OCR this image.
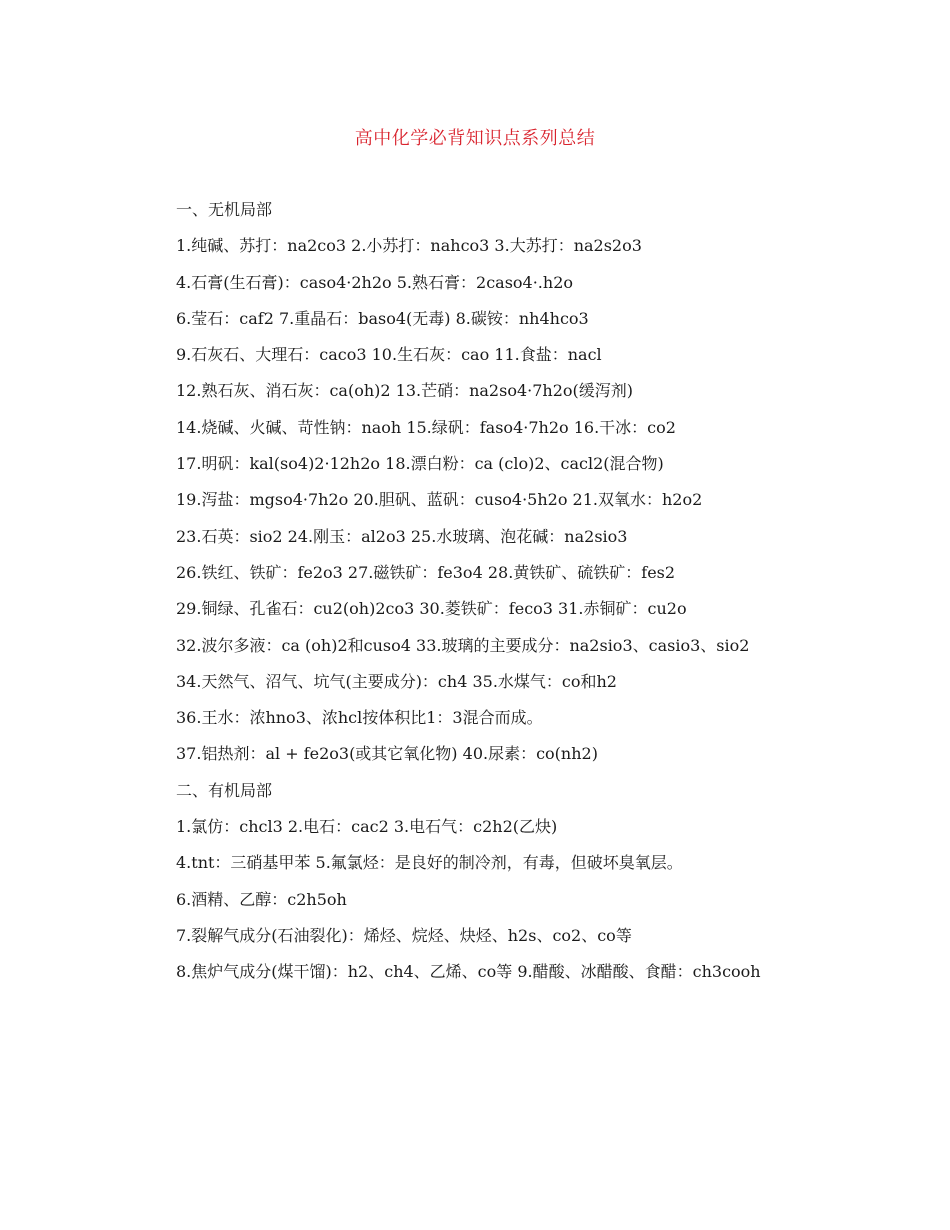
高中化学必背知识点系列总结
一、无机局部
1.纯碱、苏打：na2co3 2.小苏打：nahco3 3.大苏打：na2s2o3
4.石膏(生石膏)：caso4·2h2o 5.熟石膏：2caso4·.h2o
6.莹石：caf2 7.重晶石：baso4(无毒) 8.碳铵：nh4hco3
9.石灰石、大理石：caco3 10.生石灰：cao 11.食盐：nacl
12.熟石灰、消石灰：ca(oh)2 13.芒硝：na2so4·7h2o(缓泻剂)
14.烧碱、火碱、苛性钠：naoh 15.绿矾：faso4·7h2o 16.干冰：co2
17.明矾：kal(so4)2·12h2o 18.漂白粉：ca (clo)2、cacl2(混合物)
19.泻盐：mgso4·7h2o 20.胆矾、蓝矾：cuso4·5h2o 21.双氧水：h2o2
23.石英：sio2 24.刚玉：al2o3 25.水玻璃、泡花碱：na2sio3
26.铁红、铁矿：fe2o3 27.磁铁矿：fe3o4 28.黄铁矿、硫铁矿：fes2
29.铜绿、孔雀石：cu2(oh)2co3 30.菱铁矿：feco3 31.赤铜矿：cu2o
32.波尔多液：ca (oh)2和cuso4 33.玻璃的主要成分：na2sio3、casio3、sio2
34.天然气、沼气、坑气(主要成分)：ch4 35.水煤气：co和h2
36.王水：浓hno3、浓hcl按体积比1：3混合而成。
37.铝热剂：al + fe2o3(或其它氧化物) 40.尿素：co(nh2)
二、有机局部
1.氯仿：chcl3 2.电石：cac2 3.电石气：c2h2(乙炔)
4.tnt：三硝基甲苯 5.氟氯烃：是良好的制冷剂，有毒，但破坏臭氧层。
6.酒精、乙醇：c2h5oh
7.裂解气成分(石油裂化)：烯烃、烷烃、炔烃、h2s、co2、co等
8.焦炉气成分(煤干馏)：h2、ch4、乙烯、co等 9.醋酸、冰醋酸、食醋：ch3cooh
